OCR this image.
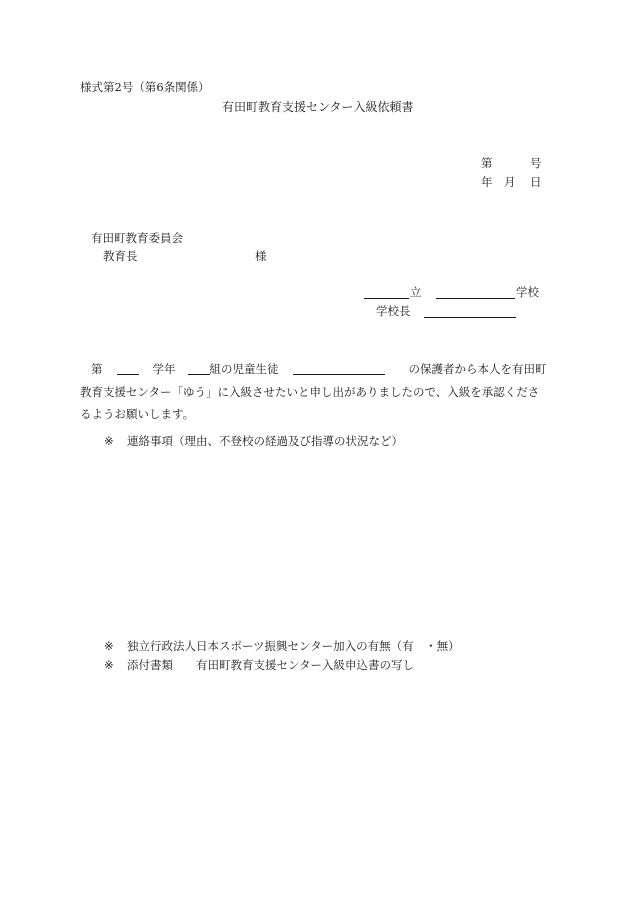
様式第2号（第6条関係）
有田町教育支援センター入級依頼書
第	号
年 月 日
有田町教育委員会
教育長	様
立	学校
学校長
第	学年	組の児童生徒	の保護者から本人を有田町教育支援センター「ゆう」に入級させたいと申し出がありましたので、入級を承認くださるようお願いします。
※ 連絡事項（理由、不登校の経過及び指導の状況など）
※ 独立行政法人日本スポーツ振興センター加入の有無（有　・無）
※ 添付書類 有田町教育支援センター入級申込書の写し
